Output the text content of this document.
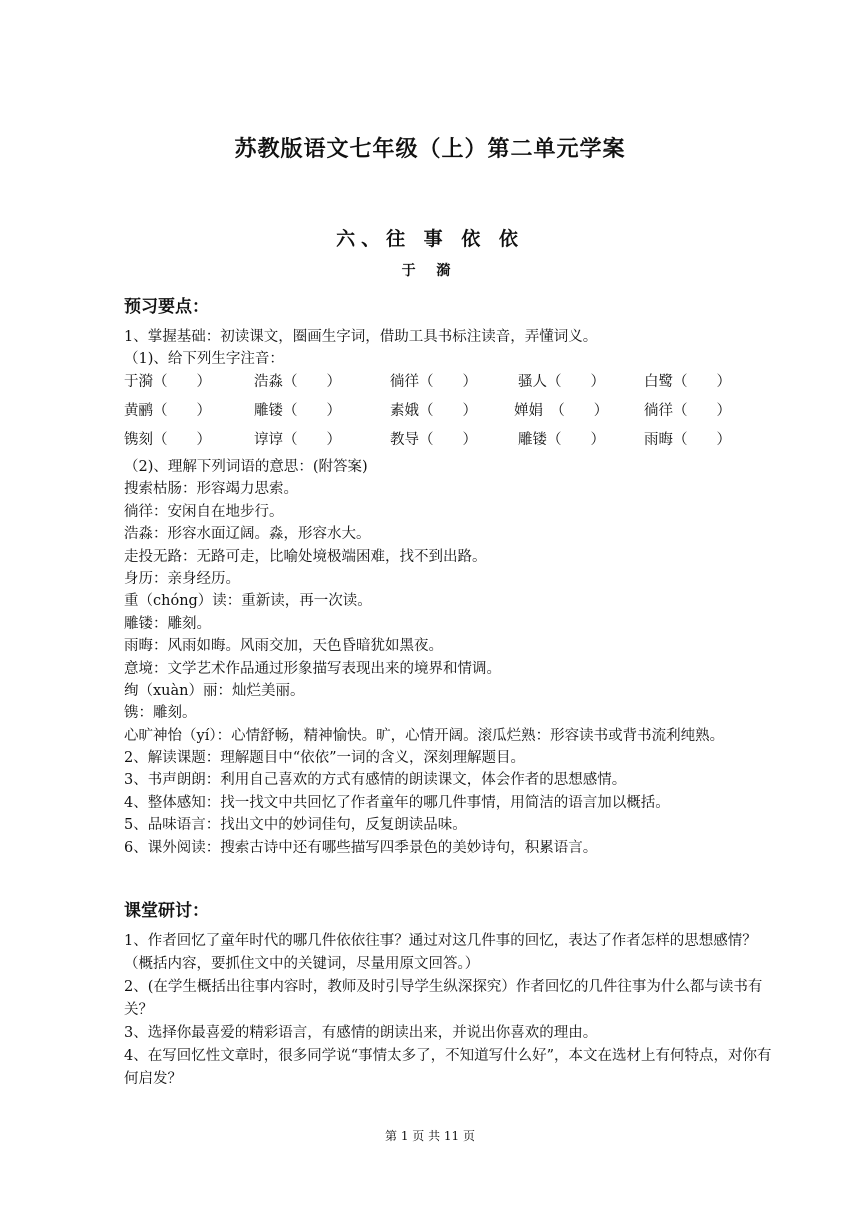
苏教版语文七年级（上）第二单元学案
六、往 事 依 依
于 漪
预习要点：
1、掌握基础：初读课文，圈画生字词，借助工具书标注读音，弄懂词义。
（1)、给下列生字注音：
于漪（　　）	浩淼（　　）	徜徉（　　）	骚人（　　）	白鹭（　　）
黄鹂（　　）	雕镂（　　）	素娥（　　）	婵娟　（　　） 徜徉（　　）
镌刻（　　）	谆谆（　　）	教导（　　）	雕镂（　　）	雨晦（　　）
（2)、理解下列词语的意思：(附答案)
搜索枯肠：形容竭力思索。
徜徉：安闲自在地步行。
浩淼：形容水面辽阔。淼，形容水大。
走投无路：无路可走，比喻处境极端困难，找不到出路。
身历：亲身经历。
重（chóng）读：重新读，再一次读。
雕镂：雕刻。
雨晦：风雨如晦。风雨交加，天色昏暗犹如黑夜。
意境：文学艺术作品通过形象描写表现出来的境界和情调。
绚（xuàn）丽：灿烂美丽。
镌：雕刻。
心旷神怡（yí）：心情舒畅，精神愉快。旷，心情开阔。滚瓜烂熟：形容读书或背书流利纯熟。
2、解读课题：理解题目中“依依”一词的含义，深刻理解题目。
3、书声朗朗：利用自己喜欢的方式有感情的朗读课文，体会作者的思想感情。
4、整体感知：找一找文中共回忆了作者童年的哪几件事情，用简洁的语言加以概括。
5、品味语言：找出文中的妙词佳句，反复朗读品味。
6、课外阅读：搜索古诗中还有哪些描写四季景色的美妙诗句，积累语言。
课堂研讨：
1、作者回忆了童年时代的哪几件依依往事？通过对这几件事的回忆，表达了作者怎样的思想感情？（概括内容，要抓住文中的关键词，尽量用原文回答。）
2、(在学生概括出往事内容时，教师及时引导学生纵深探究）作者回忆的几件往事为什么都与读书有关？
3、选择你最喜爱的精彩语言，有感情的朗读出来，并说出你喜欢的理由。
4、在写回忆性文章时，很多同学说“事情太多了，不知道写什么好”，本文在选材上有何特点，对你有何启发？
第 1 页 共 11 页
